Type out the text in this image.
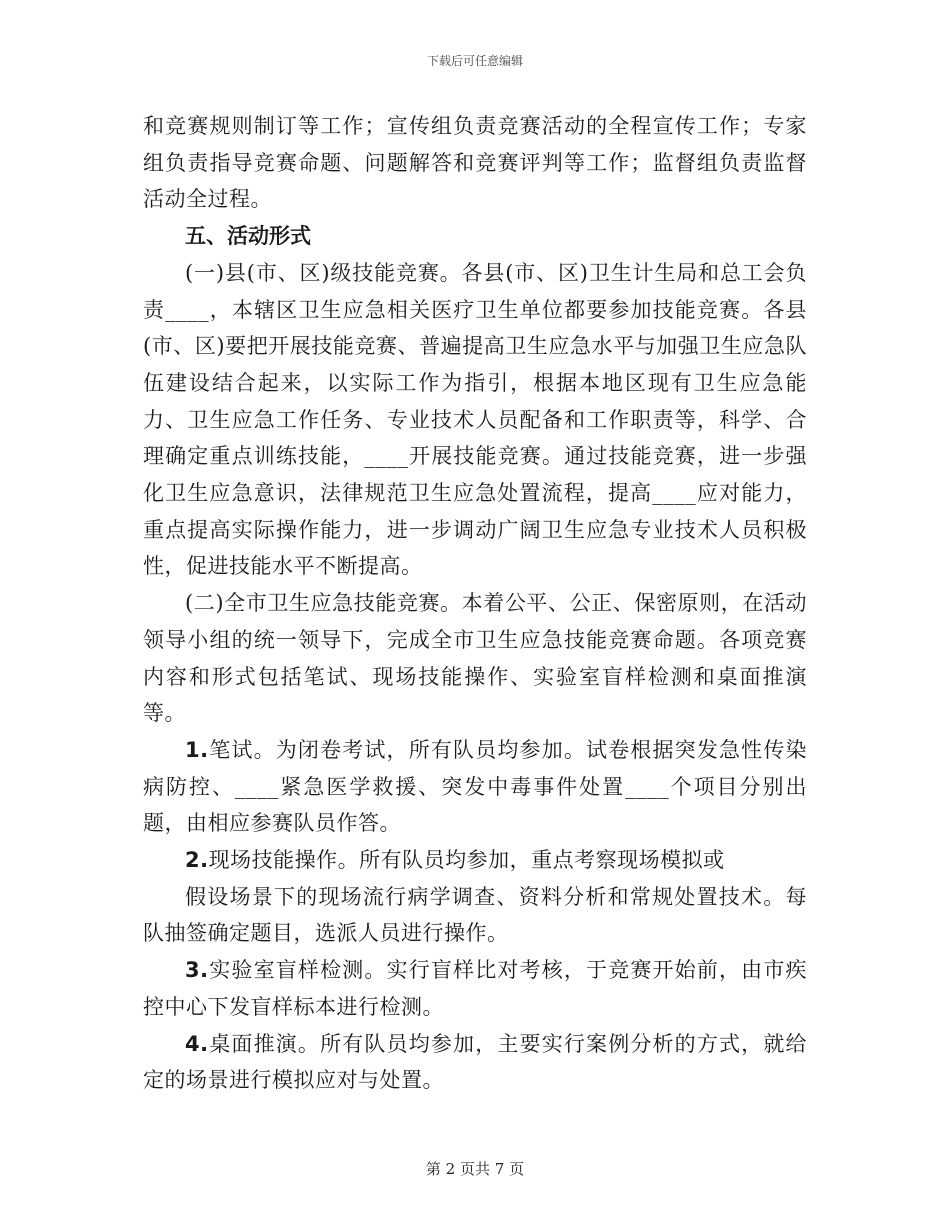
下载后可任意编辑

和竞赛规则制订等工作；宣传组负责竞赛活动的全程宣传工作；专家组负责指导竞赛命题、问题解答和竞赛评判等工作；监督组负责监督活动全过程。

五、活动形式

(一)县(市、区)级技能竞赛。各县(市、区)卫生计生局和总工会负责____，本辖区卫生应急相关医疗卫生单位都要参加技能竞赛。各县(市、区)要把开展技能竞赛、普遍提高卫生应急水平与加强卫生应急队伍建设结合起来，以实际工作为指引，根据本地区现有卫生应急能力、卫生应急工作任务、专业技术人员配备和工作职责等，科学、合理确定重点训练技能，____开展技能竞赛。通过技能竞赛，进一步强化卫生应急意识，法律规范卫生应急处置流程，提高____应对能力，重点提高实际操作能力，进一步调动广阔卫生应急专业技术人员积极性，促进技能水平不断提高。

(二)全市卫生应急技能竞赛。本着公平、公正、保密原则，在活动领导小组的统一领导下，完成全市卫生应急技能竞赛命题。各项竞赛内容和形式包括笔试、现场技能操作、实验室盲样检测和桌面推演等。

1.笔试。为闭卷考试，所有队员均参加。试卷根据突发急性传染病防控、____紧急医学救援、突发中毒事件处置____个项目分别出题，由相应参赛队员作答。

2.现场技能操作。所有队员均参加，重点考察现场模拟或

假设场景下的现场流行病学调查、资料分析和常规处置技术。每队抽签确定题目，选派人员进行操作。

3.实验室盲样检测。实行盲样比对考核，于竞赛开始前，由市疾控中心下发盲样标本进行检测。

4.桌面推演。所有队员均参加，主要实行案例分析的方式，就给定的场景进行模拟应对与处置。

第 2 页共 7 页
